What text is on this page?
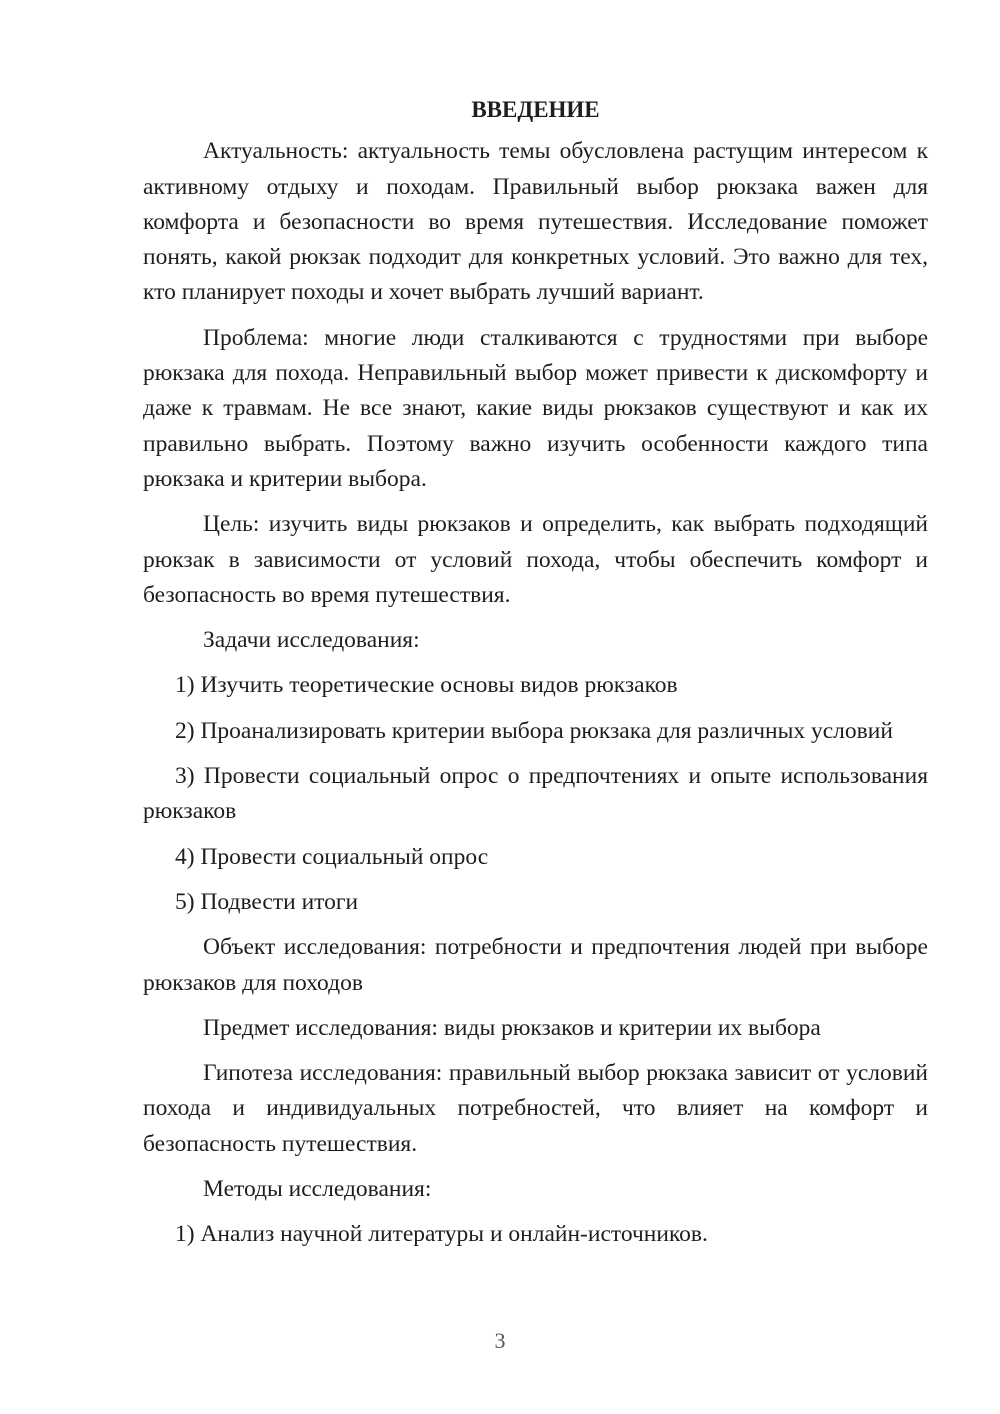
ВВЕДЕНИЕ

Актуальность: актуальность темы обусловлена растущим интересом к активному отдыху и походам. Правильный выбор рюкзака важен для комфорта и безопасности во время путешествия. Исследование поможет понять, какой рюкзак подходит для конкретных условий. Это важно для тех, кто планирует походы и хочет выбрать лучший вариант.

Проблема: многие люди сталкиваются с трудностями при выборе рюкзака для похода. Неправильный выбор может привести к дискомфорту и даже к травмам. Не все знают, какие виды рюкзаков существуют и как их правильно выбрать. Поэтому важно изучить особенности каждого типа рюкзака и критерии выбора.

Цель: изучить виды рюкзаков и определить, как выбрать подходящий рюкзак в зависимости от условий похода, чтобы обеспечить комфорт и безопасность во время путешествия.

Задачи исследования:

1) Изучить теоретические основы видов рюкзаков

2) Проанализировать критерии выбора рюкзака для различных условий

3) Провести социальный опрос о предпочтениях и опыте использования рюкзаков

4) Провести социальный опрос

5) Подвести итоги

Объект исследования: потребности и предпочтения людей при выборе рюкзаков для походов

Предмет исследования: виды рюкзаков и критерии их выбора

Гипотеза исследования: правильный выбор рюкзака зависит от условий похода и индивидуальных потребностей, что влияет на комфорт и безопасность путешествия.

Методы исследования:

1) Анализ научной литературы и онлайн-источников.

3
